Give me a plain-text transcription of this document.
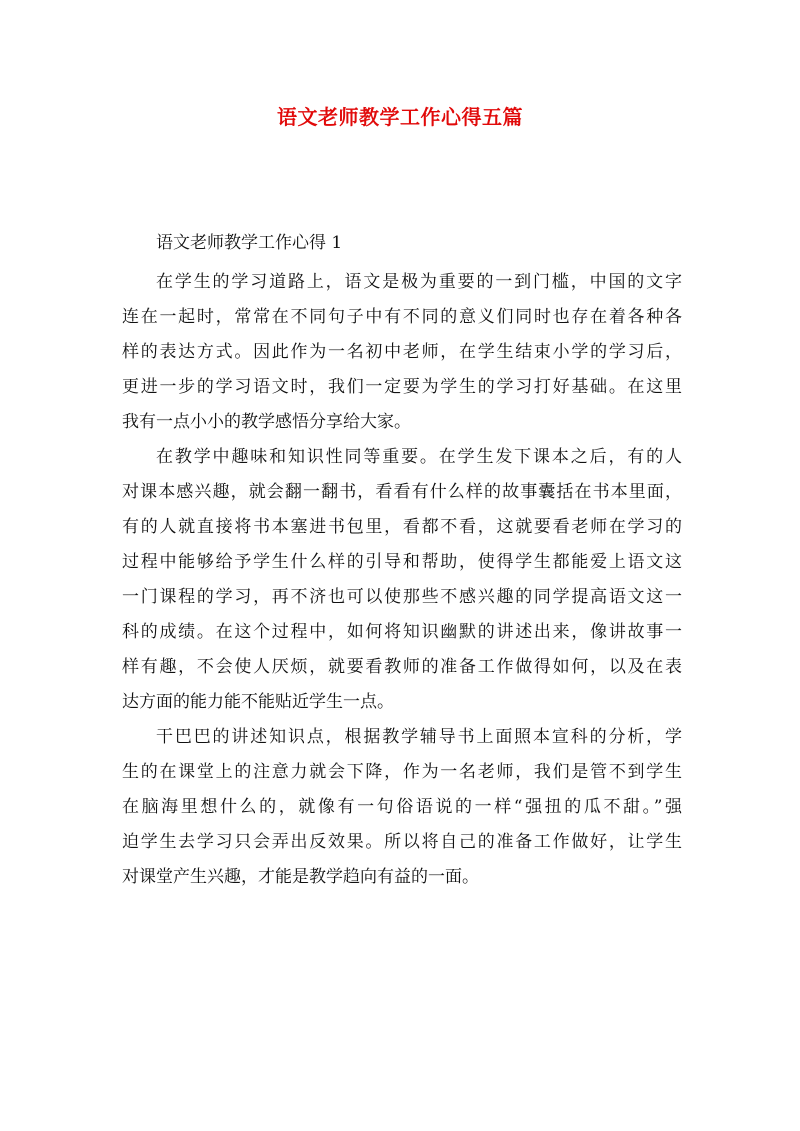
语文老师教学工作心得五篇
语文老师教学工作心得 1
在学生的学习道路上，语文是极为重要的一到门槛，中国的文字
连在一起时，常常在不同句子中有不同的意义们同时也存在着各种各
样的表达方式。因此作为一名初中老师，在学生结束小学的学习后，
更进一步的学习语文时，我们一定要为学生的学习打好基础。在这里
我有一点小小的教学感悟分享给大家。
在教学中趣味和知识性同等重要。在学生发下课本之后，有的人
对课本感兴趣，就会翻一翻书，看看有什么样的故事囊括在书本里面，
有的人就直接将书本塞进书包里，看都不看，这就要看老师在学习的
过程中能够给予学生什么样的引导和帮助，使得学生都能爱上语文这
一门课程的学习，再不济也可以使那些不感兴趣的同学提高语文这一
科的成绩。在这个过程中，如何将知识幽默的讲述出来，像讲故事一
样有趣，不会使人厌烦，就要看教师的准备工作做得如何，以及在表
达方面的能力能不能贴近学生一点。
干巴巴的讲述知识点，根据教学辅导书上面照本宣科的分析，学
生的在课堂上的注意力就会下降，作为一名老师，我们是管不到学生
在脑海里想什么的，就像有一句俗语说的一样“强扭的瓜不甜。”强
迫学生去学习只会弄出反效果。所以将自己的准备工作做好，让学生
对课堂产生兴趣，才能是教学趋向有益的一面。
